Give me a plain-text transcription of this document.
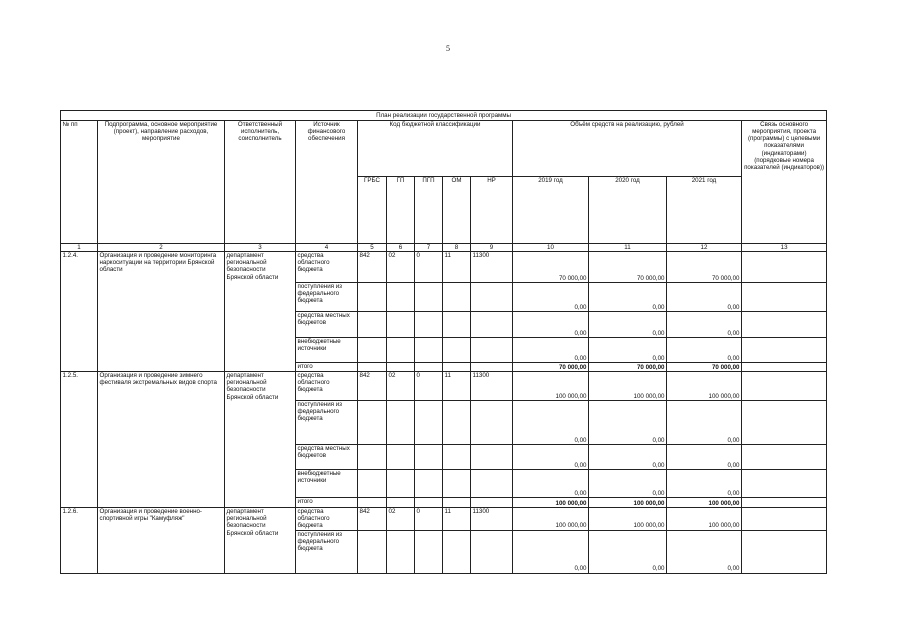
5
План реализации государственной программы												
№ пп	Подпрограмма, основное мероприятие (проект), направление расходов, мероприятие	Ответственный исполнитель, соисполнитель	Источник финансового обеспечения	Код бюджетной классификации					Объём средств на реализацию, рублей			Связь основного мероприятия, проекта (программы) с целевыми показателями (индикаторами) (порядковые номера показателей (индикаторов))
				ГРБС	ГП	ПГП	ОМ	НР	2019 год	2020 год	2021 год	
1	2	3	4	5	6	7	8	9	10	11	12	13
1.2.4.	Организация и проведение мониторинга наркоситуации на территории Брянской области	департамент региональной безопасности Брянской области	средства областного бюджета	842	02	0	11	11300	70 000,00	70 000,00	70 000,00	
			поступления из федерального бюджета						0,00	0,00	0,00	
			средства местных бюджетов						0,00	0,00	0,00	
			внебюджетные источники						0,00	0,00	0,00	
			итого						70 000,00	70 000,00	70 000,00	
1.2.5.	Организация и проведение зимнего фестиваля экстремальных видов спорта	департамент региональной безопасности Брянской области	средства областного бюджета	842	02	0	11	11300	100 000,00	100 000,00	100 000,00	
			поступления из федерального бюджета						0,00	0,00	0,00	
			средства местных бюджетов						0,00	0,00	0,00	
			внебюджетные источники						0,00	0,00	0,00	
			итого						100 000,00	100 000,00	100 000,00	
1.2.6.	Организация и проведение военно-спортивной игры "Камуфляж"	департамент региональной безопасности Брянской области	средства областного бюджета	842	02	0	11	11300	100 000,00	100 000,00	100 000,00	
			поступления из федерального бюджета						0,00	0,00	0,00	
